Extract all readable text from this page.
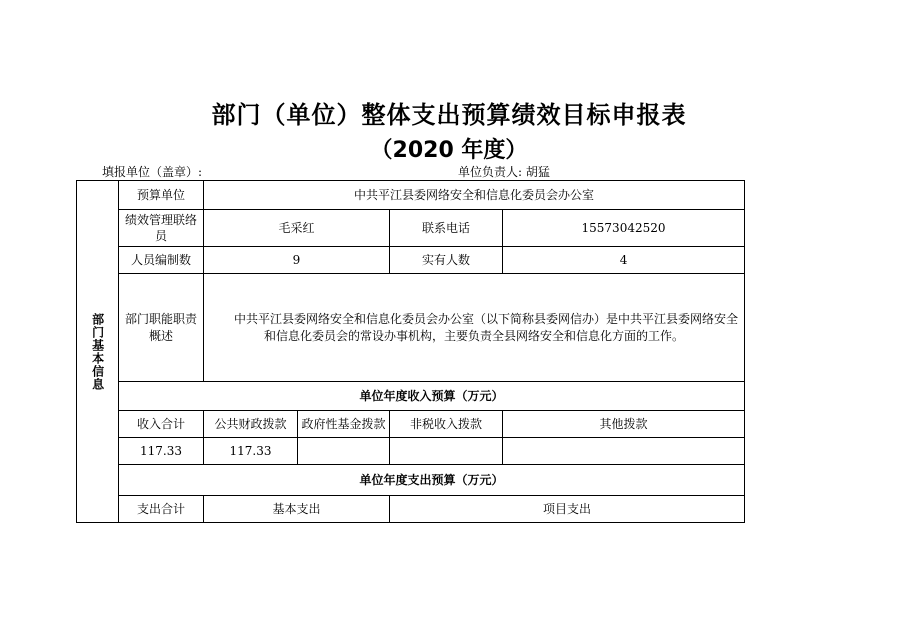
部门（单位）整体支出预算绩效目标申报表
（2020 年度）
填报单位（盖章）:	单位负责人: 胡猛
部门基本信息	预算单位	中共平江县委网络安全和信息化委员会办公室			
	绩效管理联络员	毛采红		联系电话	15573042520
	人员编制数	9		实有人数	4
	部门职能职责概述	中共平江县委网络安全和信息化委员会办公室（以下简称县委网信办）是中共平江县委网络安全和信息化委员会的常设办事机构，主要负责全县网络安全和信息化方面的工作。			

	单位年度收入预算（万元）				
	收入合计	公共财政拨款	政府性基金拨款	非税收入拨款	其他拨款
	117.33	117.33			
	单位年度支出预算（万元）				
	支出合计	基本支出		项目支出	
